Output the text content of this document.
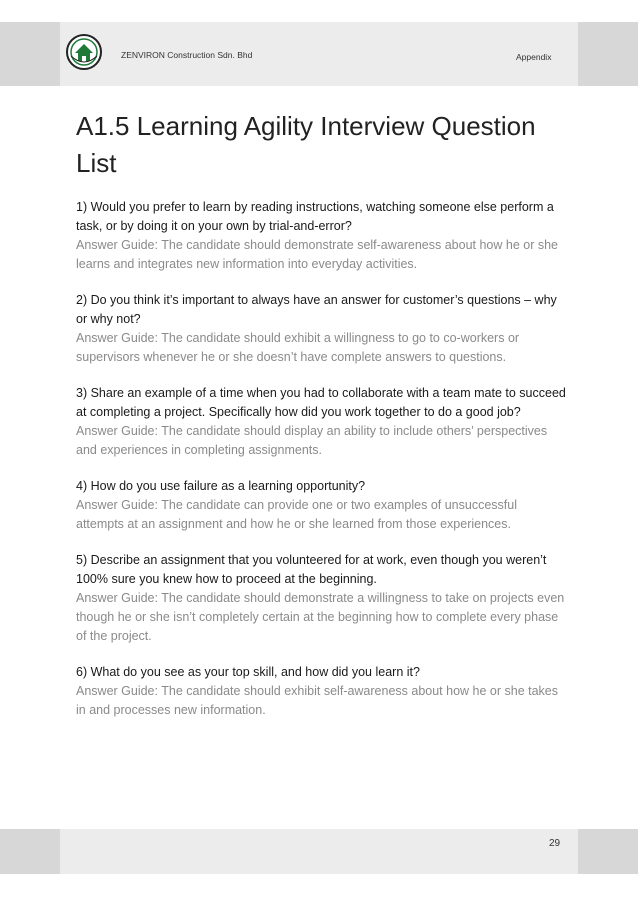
ZENVIRON Construction Sdn. Bhd	Appendix
A1.5 Learning Agility Interview Question List

1) Would you prefer to learn by reading instructions, watching someone else perform a task, or by doing it on your own by trial-and-error?

Answer Guide: The candidate should demonstrate self-awareness about how he or she learns and integrates new information into everyday activities.

2) Do you think it’s important to always have an answer for customer’s questions – why or why not?

Answer Guide: The candidate should exhibit a willingness to go to co-workers or supervisors whenever he or she doesn’t have complete answers to questions.

3) Share an example of a time when you had to collaborate with a team mate to succeed at completing a project. Specifically how did you work together to do a good job?

Answer Guide: The candidate should display an ability to include others’ perspectives and experiences in completing assignments.

4) How do you use failure as a learning opportunity?

Answer Guide: The candidate can provide one or two examples of unsuccessful attempts at an assignment and how he or she learned from those experiences.

5) Describe an assignment that you volunteered for at work, even though you weren’t 100% sure you knew how to proceed at the beginning.

Answer Guide: The candidate should demonstrate a willingness to take on projects even though he or she isn’t completely certain at the beginning how to complete every phase of the project.

6) What do you see as your top skill, and how did you learn it?

Answer Guide: The candidate should exhibit self-awareness about how he or she takes in and processes new information.

29
